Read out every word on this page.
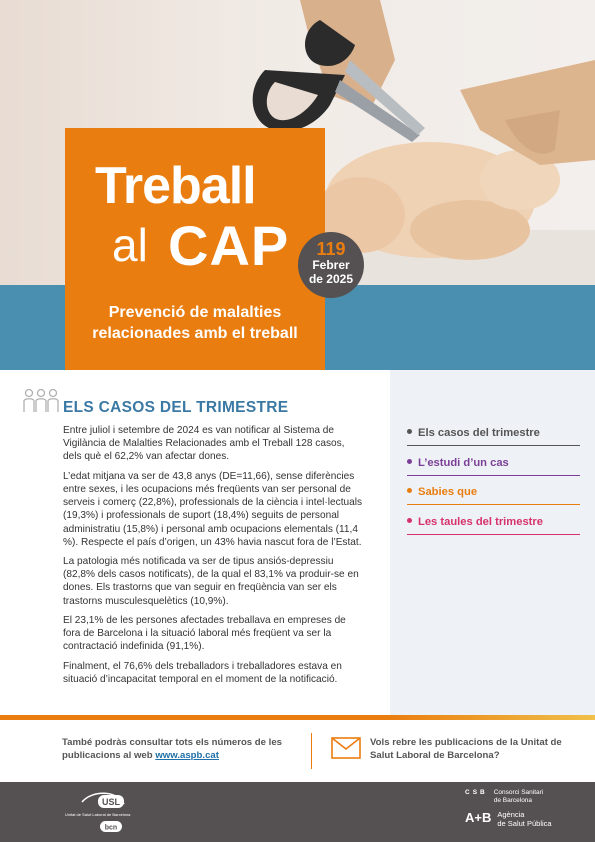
Treball
al CAP
Prevenció de malalties relacionades amb el treball
119
Febrer
de 2025
ELS CASOS DEL TRIMESTRE

Entre juliol i setembre de 2024 es van notificar al Sistema de Vigilància de Malalties Relacionades amb el Treball 128 casos, dels què el 62,2% van afectar dones.

L’edat mitjana va ser de 43,8 anys (DE=11,66), sense diferències entre sexes, i les ocupacions més freqüents van ser personal de serveis i comerç (22,8%), professionals de la ciència i intel·lectuals (19,3%) i professionals de suport (18,4%) seguits de personal administratiu (15,8%) i personal amb ocupacions elementals (11,4 %). Respecte el país d’origen, un 43% havia nascut fora de l’Estat.

La patologia més notificada va ser de tipus ansiós-depressiu (82,8% dels casos notificats), de la qual el 83,1% va produir-se en dones. Els trastorns que van seguir en freqüència van ser els trastorns musculesquelètics (10,9%).

El 23,1% de les persones afectades treballava en empreses de fora de Barcelona i la situació laboral més freqüent va ser la contractació indefinida (91,1%).

Finalment, el 76,6% dels treballadors i treballadores estava en situació d’incapacitat temporal en el moment de la notificació.

Els casos del trimestre
L’estudi d’un cas
Sabies que
Les taules del trimestre
També podràs consultar tots els números de les publicacions al web www.aspb.cat
Vols rebre les publicacions de la Unitat de Salut Laboral de Barcelona?
USL
Unitat de Salut Laboral de Barcelona
bcn
CSB Consorci Sanitari
de Barcelona
A+B Agència
de Salut Pública
